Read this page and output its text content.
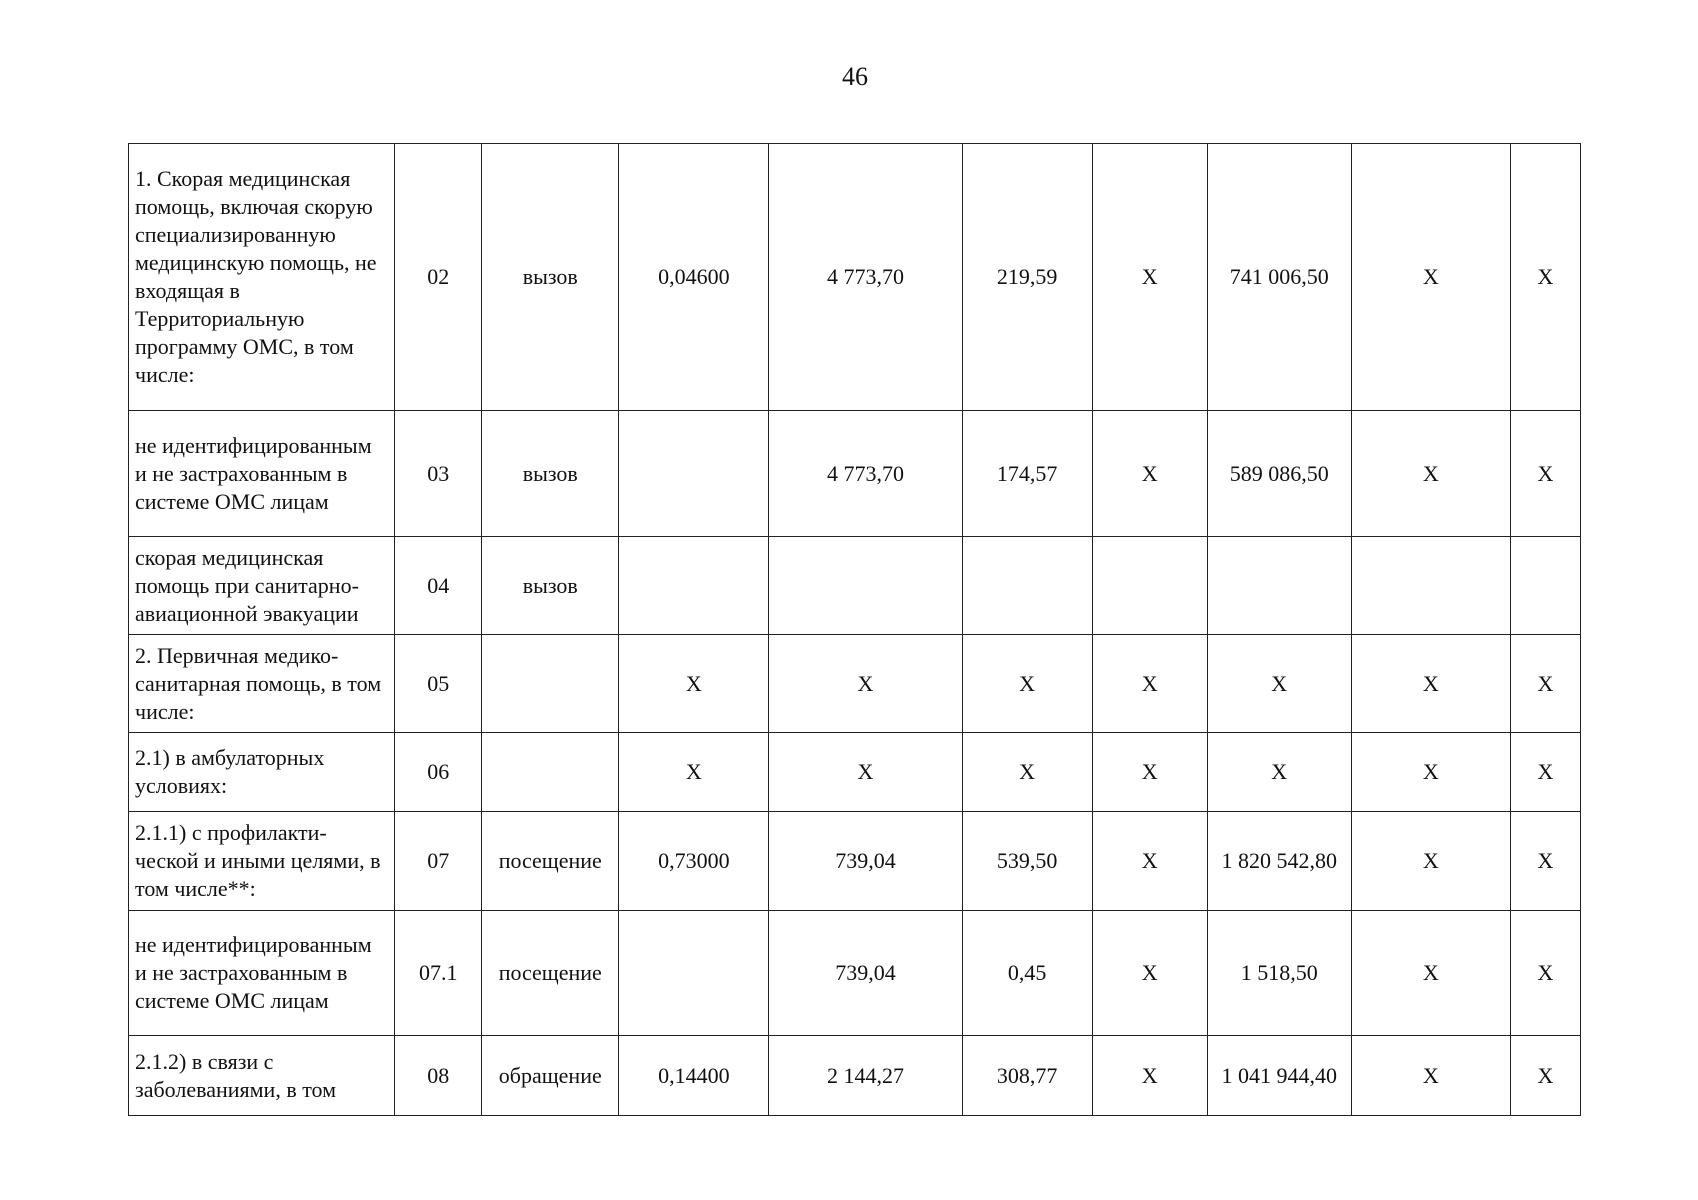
46
1. Скорая медицинская помощь, включая скорую специализированную медицинскую помощь, не входящая в Территориальную программу ОМС, в том числе:	02	вызов	0,04600	4 773,70	219,59	Х	741 006,50	Х	Х
не идентифицированным и не застрахованным в системе ОМС лицам	03	вызов		4 773,70	174,57	Х	589 086,50	Х	Х
скорая медицинская помощь при санитарно-авиационной эвакуации	04	вызов							
2. Первичная медико-санитарная помощь, в том числе:	05		Х	Х	Х	Х	Х	Х	Х
2.1) в амбулаторных условиях:	06		Х	Х	Х	Х	Х	Х	Х
2.1.1) с профилакти-ческой и иными целями, в том числе**:	07	посещение	0,73000	739,04	539,50	Х	1 820 542,80	Х	Х
не идентифицированным и не застрахованным в системе ОМС лицам	07.1	посещение		739,04	0,45	Х	1 518,50	Х	Х
2.1.2) в связи с заболеваниями, в том	08	обращение	0,14400	2 144,27	308,77	Х	1 041 944,40	Х	Х
